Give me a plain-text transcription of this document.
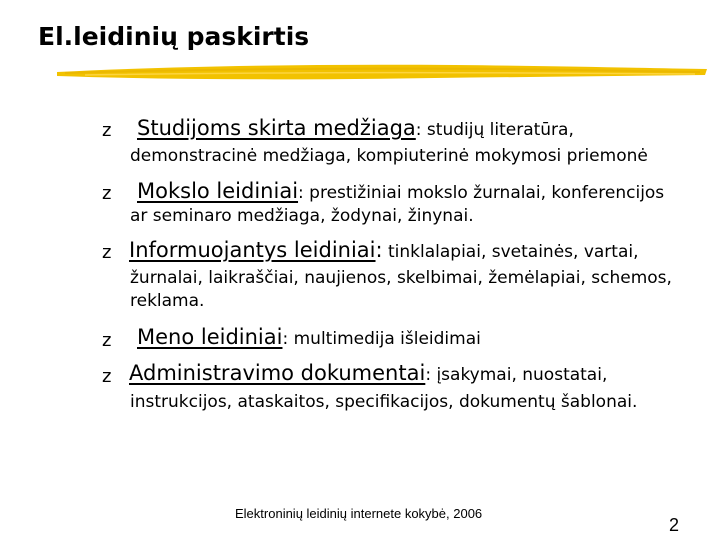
El.leidinių paskirtis
z Studijoms skirta medžiaga: studijų literatūra,
demonstracinė medžiaga, kompiuterinė mokymosi priemonė
z Mokslo leidiniai: prestižiniai mokslo žurnalai, konferencijos
ar seminaro medžiaga, žodynai, žinynai.
z Informuojantys leidiniai: tinklalapiai, svetainės, vartai,
žurnalai, laikraščiai, naujienos, skelbimai, žemėlapiai, schemos,
reklama.
z Meno leidiniai: multimedija išleidimai
z Administravimo dokumentai: įsakymai, nuostatai,
instrukcijos, ataskaitos, specifikacijos, dokumentų šablonai.
Elektroninių leidinių internete kokybė, 2006
2
